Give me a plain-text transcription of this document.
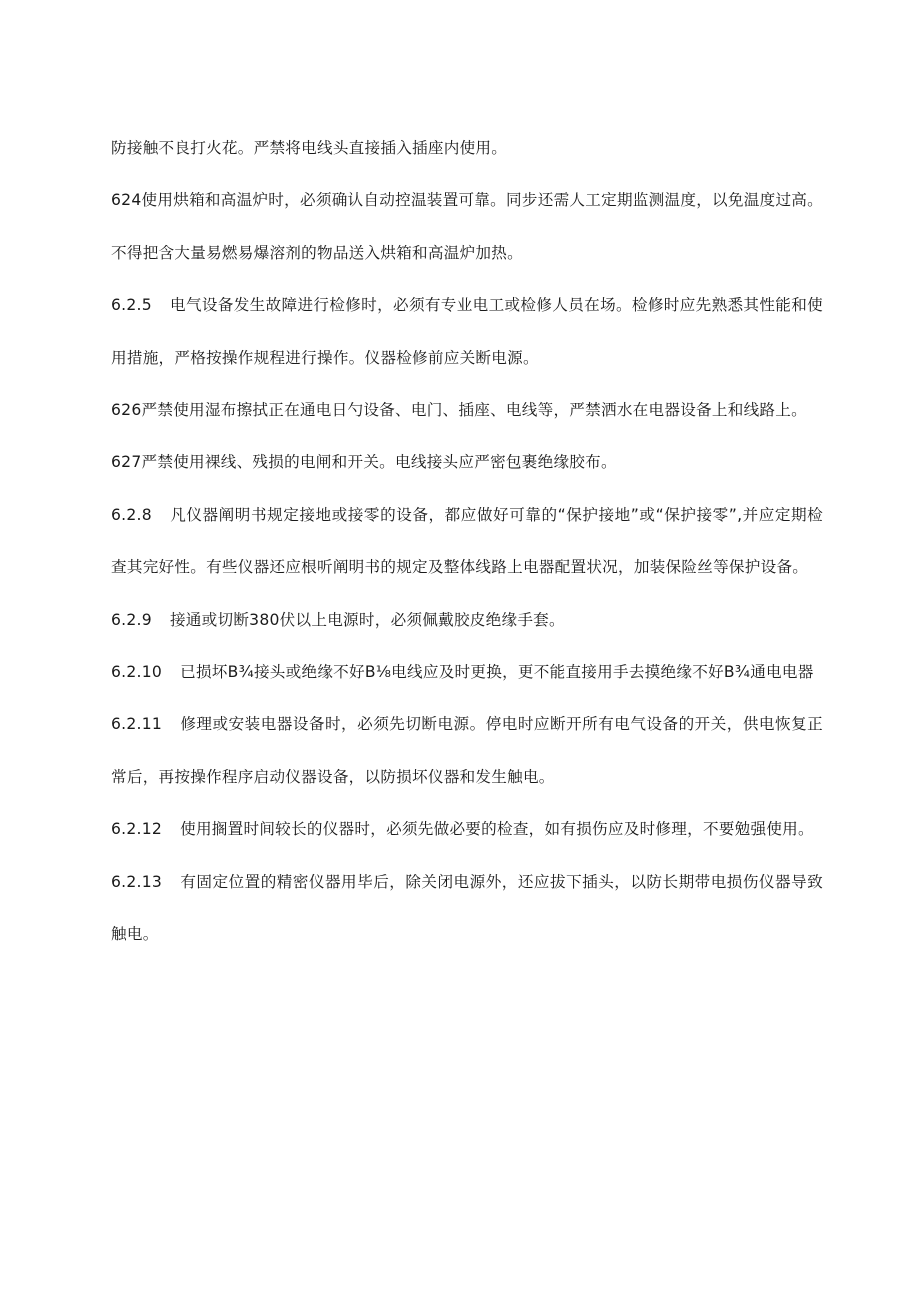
防接触不良打火花。严禁将电线头直接插入插座内使用。

624使用烘箱和高温炉时，必须确认自动控温装置可靠。同步还需人工定期监测温度，以免温度过高。不得把含大量易燃易爆溶剂的物品送入烘箱和高温炉加热。

6.2.5 电气设备发生故障进行检修时，必须有专业电工或检修人员在场。检修时应先熟悉其性能和使用措施，严格按操作规程进行操作。仪器检修前应关断电源。

626严禁使用湿布擦拭正在通电日勺设备、电门、插座、电线等，严禁洒水在电器设备上和线路上。

627严禁使用裸线、残损的电闸和开关。电线接头应严密包裹绝缘胶布。

6.2.8 凡仪器阐明书规定接地或接零的设备，都应做好可靠的“保护接地”或“保护接零”,并应定期检查其完好性。有些仪器还应根听阐明书的规定及整体线路上电器配置状况，加装保险丝等保护设备。

6.2.9 接通或切断380伏以上电源时，必须佩戴胶皮绝缘手套。

6.2.10 已损坏B¾接头或绝缘不好B⅛电线应及时更换，更不能直接用手去摸绝缘不好B¾通电电器

6.2.11 修理或安装电器设备时，必须先切断电源。停电时应断开所有电气设备的开关，供电恢复正常后，再按操作程序启动仪器设备，以防损坏仪器和发生触电。

6.2.12 使用搁置时间较长的仪器时，必须先做必要的检查，如有损伤应及时修理，不要勉强使用。

6.2.13 有固定位置的精密仪器用毕后，除关闭电源外，还应拔下插头，以防长期带电损伤仪器导致触电。
